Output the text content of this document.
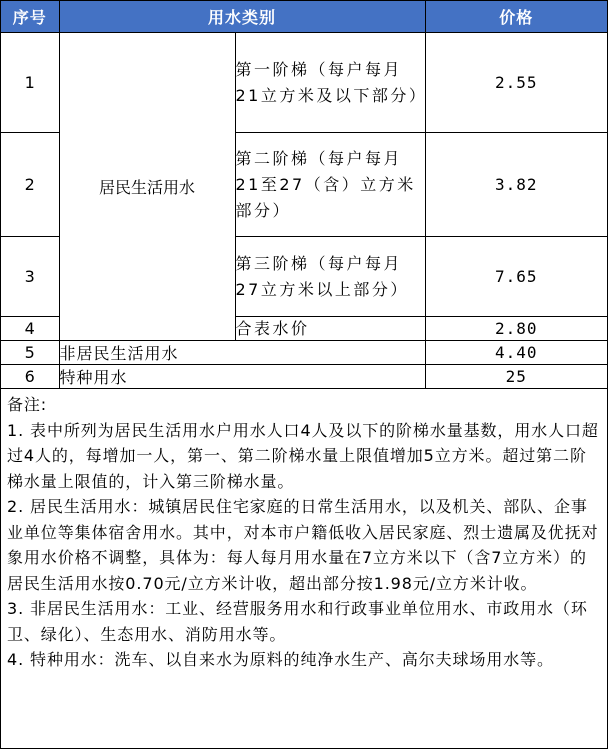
序号	用水类别		价格
1	居民生活用水	第一阶梯（每户每月21立方米及以下部分）	2.55
2		第二阶梯（每户每月21至27（含）立方米部分）	3.82
3		第三阶梯（每户每月27立方米以上部分）	7.65
4		合表水价	2.80
5	非居民生活用水		4.40
6	特种用水		25

备注:

1. 表中所列为居民生活用水户用水人口4人及以下的阶梯水量基数，用水人口超过4人的，每增加一人，第一、第二阶梯水量上限值增加5立方米。超过第二阶梯水量上限值的，计入第三阶梯水量。

2. 居民生活用水：城镇居民住宅家庭的日常生活用水，以及机关、部队、企事业单位等集体宿舍用水。其中，对本市户籍低收入居民家庭、烈士遗属及优抚对象用水价格不调整，具体为：每人每月用水量在7立方米以下（含7立方米）的居民生活用水按0.70元/立方米计收，超出部分按1.98元/立方米计收。

3. 非居民生活用水：工业、经营服务用水和行政事业单位用水、市政用水（环卫、绿化）、生态用水、消防用水等。

4. 特种用水：洗车、以自来水为原料的纯净水生产、高尔夫球场用水等。
